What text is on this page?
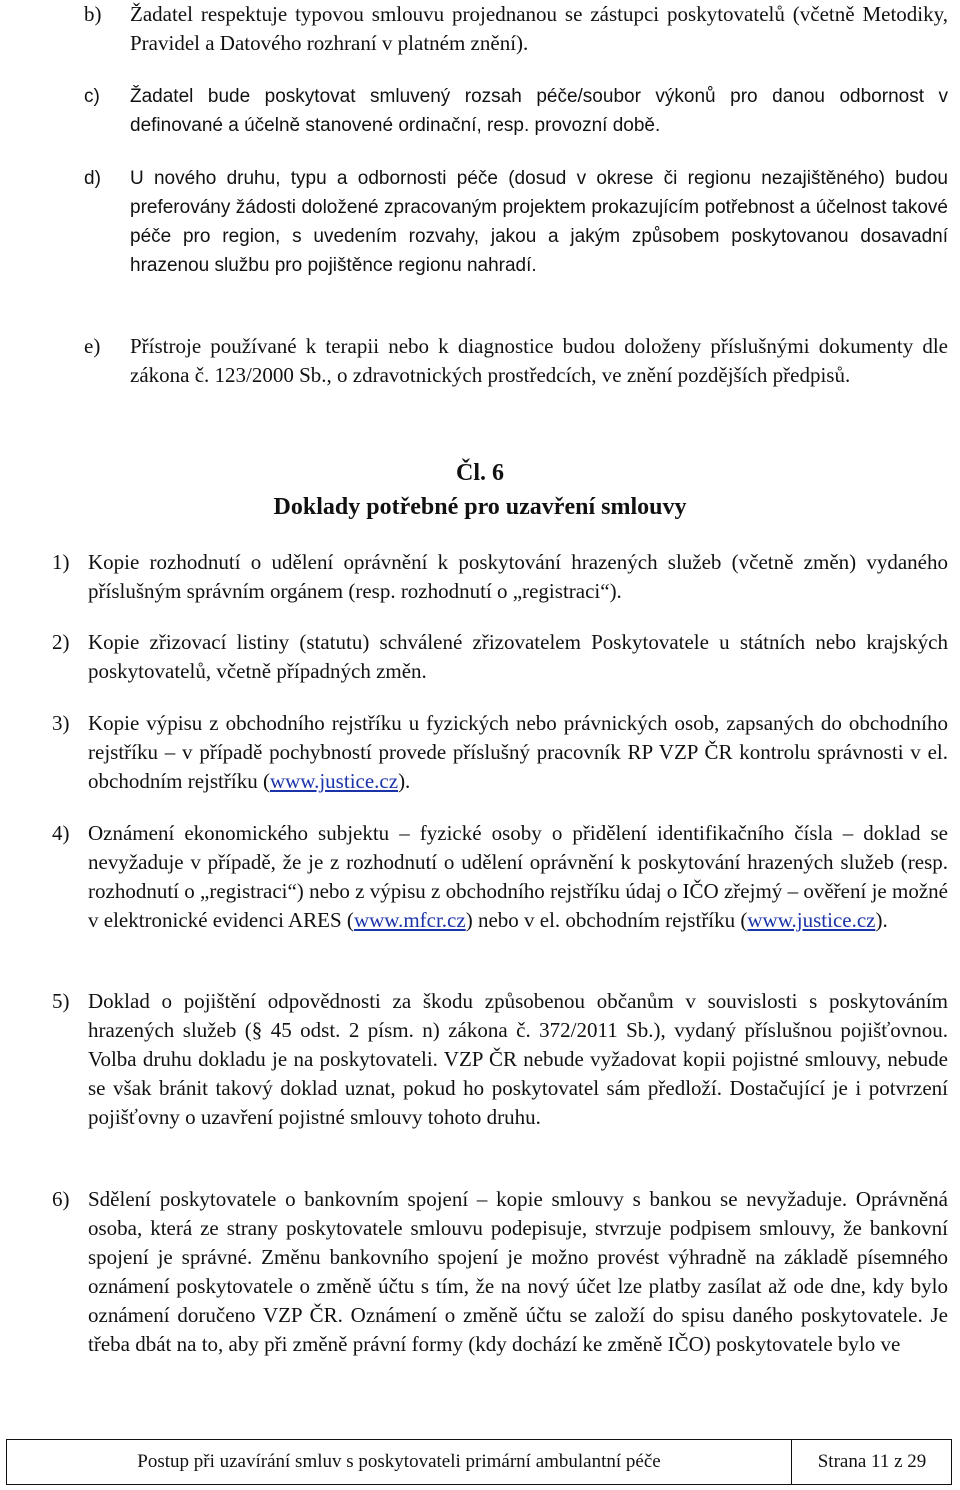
b) Žadatel respektuje typovou smlouvu projednanou se zástupci poskytovatelů (včetně Metodiky, Pravidel a Datového rozhraní v platném znění).
c) Žadatel bude poskytovat smluvený rozsah péče/soubor výkonů pro danou odbornost v definované a účelně stanovené ordinační, resp. provozní době.
d) U nového druhu, typu a odbornosti péče (dosud v okrese či regionu nezajištěného) budou preferovány žádosti doložené zpracovaným projektem prokazujícím potřebnost a účelnost takové péče pro region, s uvedením rozvahy, jakou a jakým způsobem poskytovanou dosavadní hrazenou službu pro pojištěnce regionu nahradí.
e) Přístroje používané k terapii nebo k diagnostice budou doloženy příslušnými dokumenty dle zákona č. 123/2000 Sb., o zdravotnických prostředcích, ve znění pozdějších předpisů.
Čl. 6
Doklady potřebné pro uzavření smlouvy
1) Kopie rozhodnutí o udělení oprávnění k poskytování hrazených služeb (včetně změn) vydaného příslušným správním orgánem (resp. rozhodnutí o „registraci“).
2) Kopie zřizovací listiny (statutu) schválené zřizovatelem Poskytovatele u státních nebo krajských poskytovatelů, včetně případných změn.
3) Kopie výpisu z obchodního rejstříku u fyzických nebo právnických osob, zapsaných do obchodního rejstříku – v případě pochybností provede příslušný pracovník RP VZP ČR kontrolu správnosti v el. obchodním rejstříku (www.justice.cz).
4) Oznámení ekonomického subjektu – fyzické osoby o přidělení identifikačního čísla – doklad se nevyžaduje v případě, že je z rozhodnutí o udělení oprávnění k poskytování hrazených služeb (resp. rozhodnutí o „registraci“) nebo z výpisu z obchodního rejstříku údaj o IČO zřejmý – ověření je možné v elektronické evidenci ARES (www.mfcr.cz) nebo v el. obchodním rejstříku (www.justice.cz).
5) Doklad o pojištění odpovědnosti za škodu způsobenou občanům v souvislosti s poskytováním hrazených služeb (§ 45 odst. 2 písm. n) zákona č. 372/2011 Sb.), vydaný příslušnou pojišťovnou. Volba druhu dokladu je na poskytovateli. VZP ČR nebude vyžadovat kopii pojistné smlouvy, nebude se však bránit takový doklad uznat, pokud ho poskytovatel sám předloží. Dostačující je i potvrzení pojišťovny o uzavření pojistné smlouvy tohoto druhu.
6) Sdělení poskytovatele o bankovním spojení – kopie smlouvy s bankou se nevyžaduje. Oprávněná osoba, která ze strany poskytovatele smlouvu podepisuje, stvrzuje podpisem smlouvy, že bankovní spojení je správné. Změnu bankovního spojení je možno provést výhradně na základě písemného oznámení poskytovatele o změně účtu s tím, že na nový účet lze platby zasílat až ode dne, kdy bylo oznámení doručeno VZP ČR. Oznámení o změně účtu se založí do spisu daného poskytovatele. Je třeba dbát na to, aby při změně právní formy (kdy dochází ke změně IČO) poskytovatele bylo ve
Postup při uzavírání smluv s poskytovateli primární ambulantní péče	Strana 11 z 29
